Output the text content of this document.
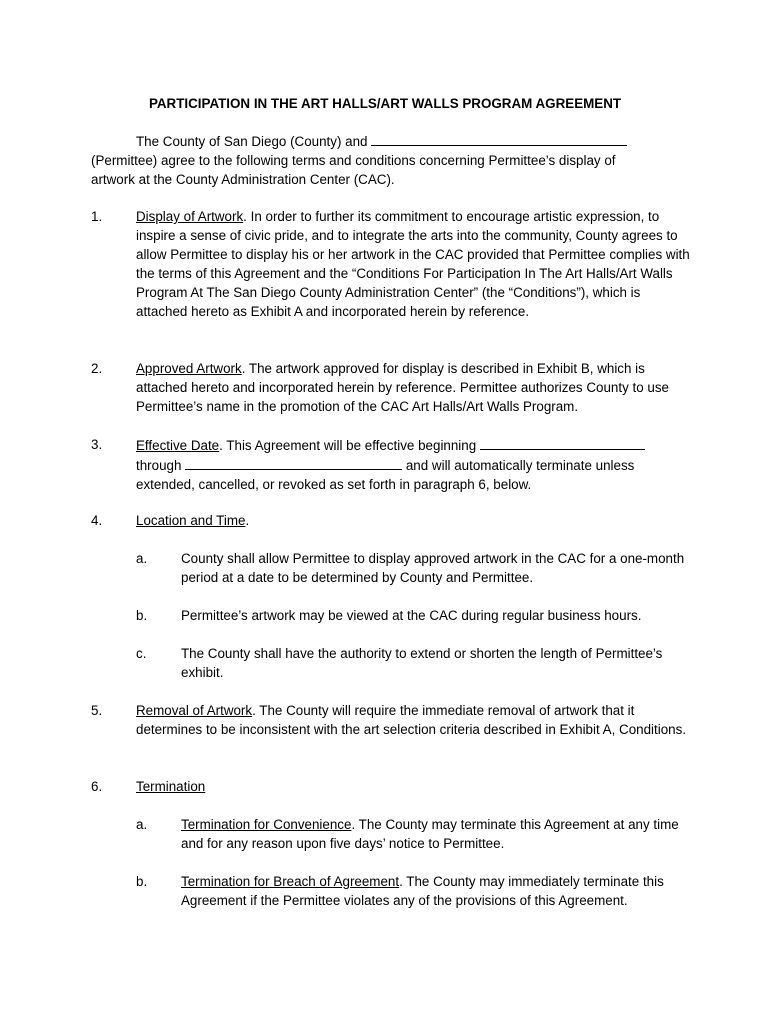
PARTICIPATION IN THE ART HALLS/ART WALLS PROGRAM AGREEMENT
The County of San Diego (County) and
(Permittee) agree to the following terms and conditions concerning Permittee’s display of
artwork at the County Administration Center (CAC).
1.	Display of Artwork. In order to further its commitment to encourage artistic expression, to inspire a sense of civic pride, and to integrate the arts into the community, County agrees to allow Permittee to display his or her artwork in the CAC provided that Permittee complies with the terms of this Agreement and the “Conditions For Participation In The Art Halls/Art Walls Program At The San Diego County Administration Center” (the “Conditions”), which is attached hereto as Exhibit A and incorporated herein by reference.
2.	Approved Artwork. The artwork approved for display is described in Exhibit B, which is attached hereto and incorporated herein by reference. Permittee authorizes County to use Permittee’s name in the promotion of the CAC Art Halls/Art Walls Program.
3.	Effective Date. This Agreement will be effective beginning
through	and will automatically terminate unless
extended, cancelled, or revoked as set forth in paragraph 6, below.
4.	Location and Time.
a.	County shall allow Permittee to display approved artwork in the CAC for a one-month period at a date to be determined by County and Permittee.
b.	Permittee’s artwork may be viewed at the CAC during regular business hours.
c.	The County shall have the authority to extend or shorten the length of Permittee’s exhibit.
5.	Removal of Artwork. The County will require the immediate removal of artwork that it determines to be inconsistent with the art selection criteria described in Exhibit A, Conditions.
6.	Termination
a.	Termination for Convenience. The County may terminate this Agreement at any time and for any reason upon five days’ notice to Permittee.
b.	Termination for Breach of Agreement. The County may immediately terminate this Agreement if the Permittee violates any of the provisions of this Agreement.
